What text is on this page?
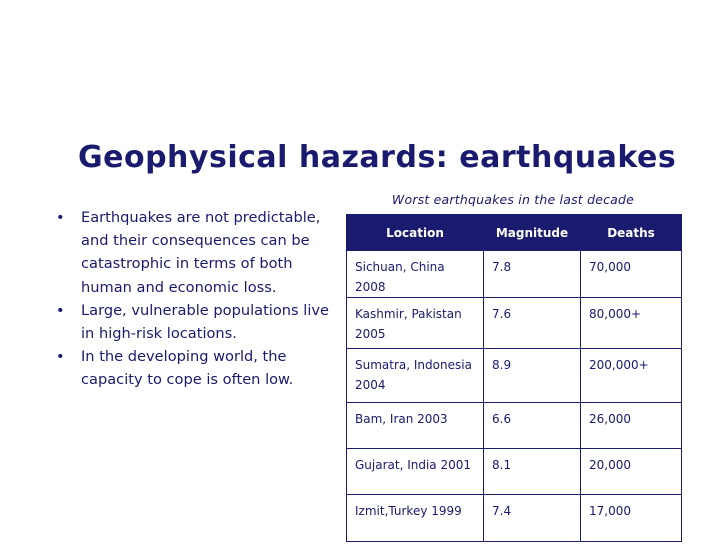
Geophysical hazards: earthquakes
•	Earthquakes are not predictable, and their consequences can be catastrophic in terms of both human and economic loss.
•	Large, vulnerable populations live in high-risk locations.
•	In the developing world, the capacity to cope is often low.
Worst earthquakes in the last decade
Location	Magnitude	Deaths
Sichuan, China 2008	7.8	70,000
Kashmir, Pakistan 2005	7.6	80,000+
Sumatra, Indonesia 2004	8.9	200,000+
Bam, Iran 2003	6.6	26,000
Gujarat, India 2001	8.1	20,000
Izmit,Turkey 1999	7.4	17,000
